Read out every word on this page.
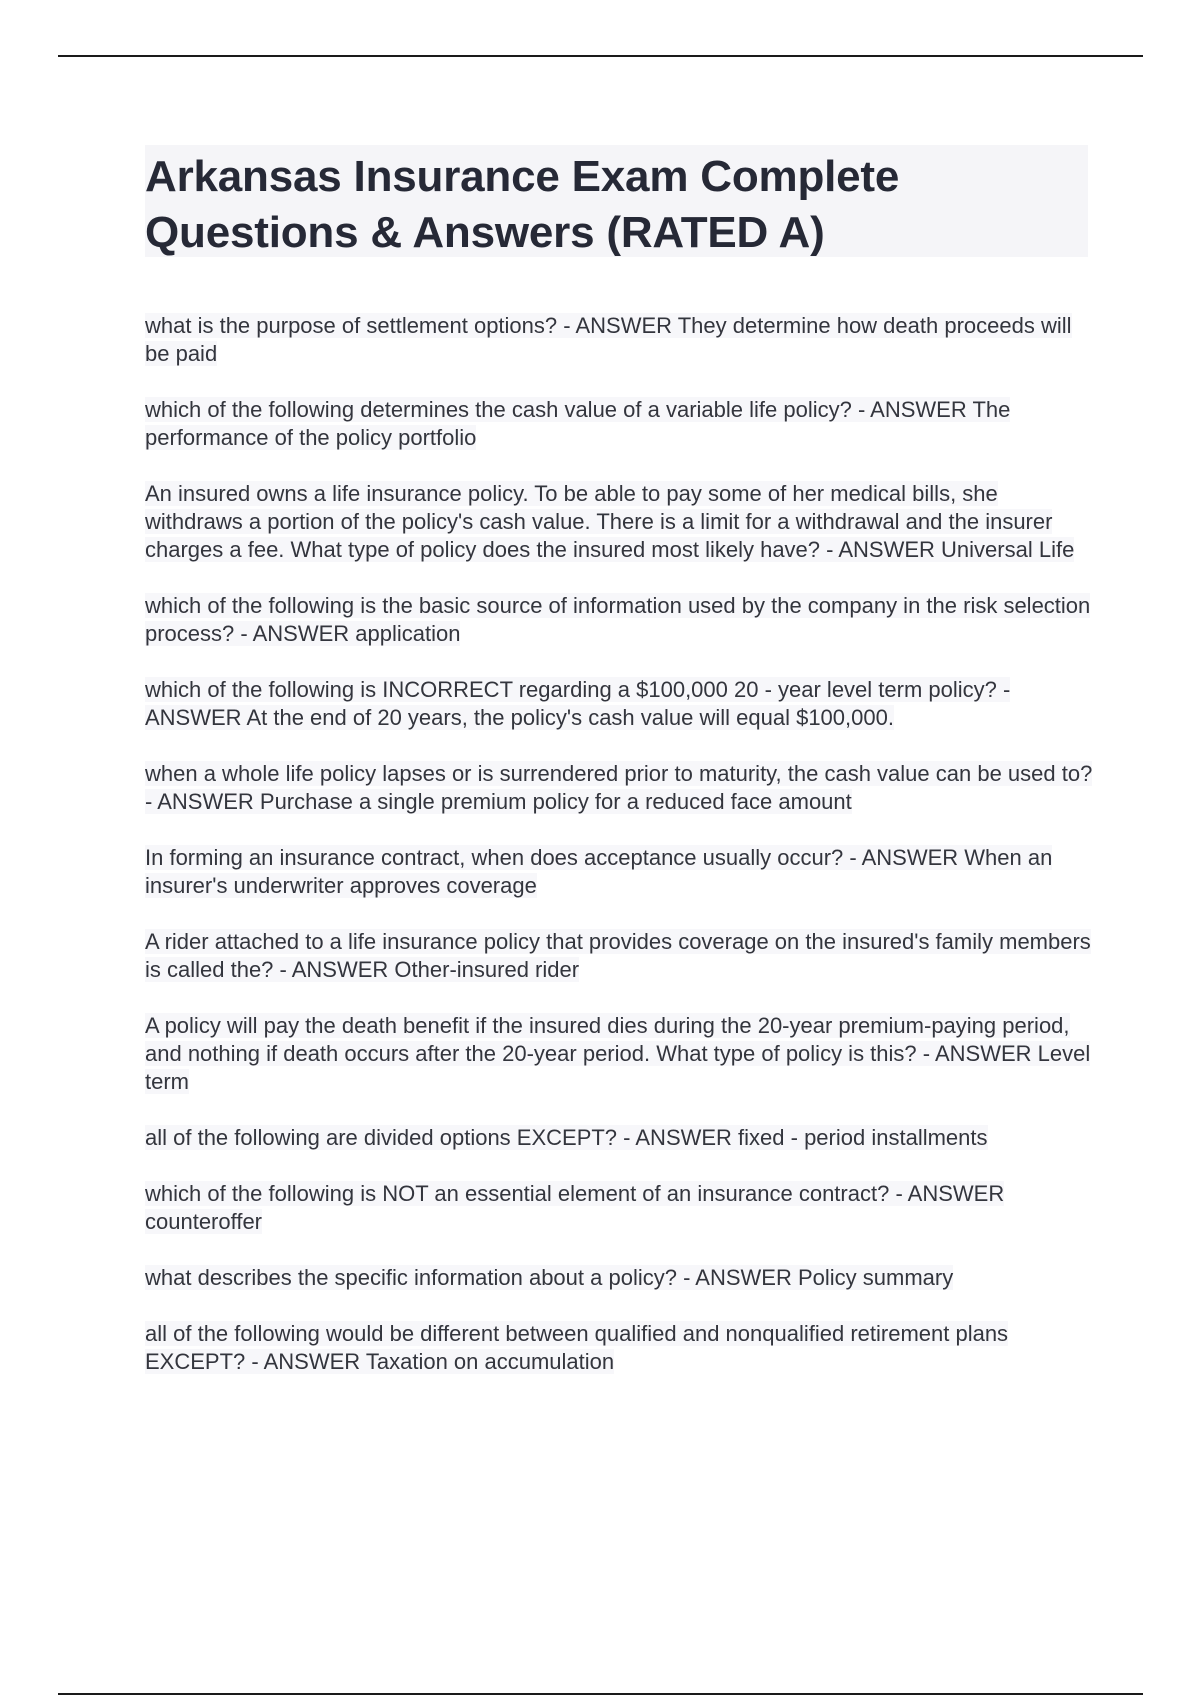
Arkansas Insurance Exam Complete
Questions & Answers (RATED A)

what is the purpose of settlement options? - ANSWER They determine how death proceeds will be paid

which of the following determines the cash value of a variable life policy? - ANSWER The performance of the policy portfolio

An insured owns a life insurance policy. To be able to pay some of her medical bills, she withdraws a portion of the policy's cash value. There is a limit for a withdrawal and the insurer charges a fee. What type of policy does the insured most likely have? - ANSWER Universal Life

which of the following is the basic source of information used by the company in the risk selection process? - ANSWER application

which of the following is INCORRECT regarding a $100,000 20 - year level term policy? - ANSWER At the end of 20 years, the policy's cash value will equal $100,000.

when a whole life policy lapses or is surrendered prior to maturity, the cash value can be used to? - ANSWER Purchase a single premium policy for a reduced face amount

In forming an insurance contract, when does acceptance usually occur? - ANSWER When an insurer's underwriter approves coverage

A rider attached to a life insurance policy that provides coverage on the insured's family members is called the? - ANSWER Other-insured rider

A policy will pay the death benefit if the insured dies during the 20-year premium-paying period, and nothing if death occurs after the 20-year period. What type of policy is this? - ANSWER Level term

all of the following are divided options EXCEPT? - ANSWER fixed - period installments

which of the following is NOT an essential element of an insurance contract? - ANSWER counteroffer

what describes the specific information about a policy? - ANSWER Policy summary

all of the following would be different between qualified and nonqualified retirement plans EXCEPT? - ANSWER Taxation on accumulation
